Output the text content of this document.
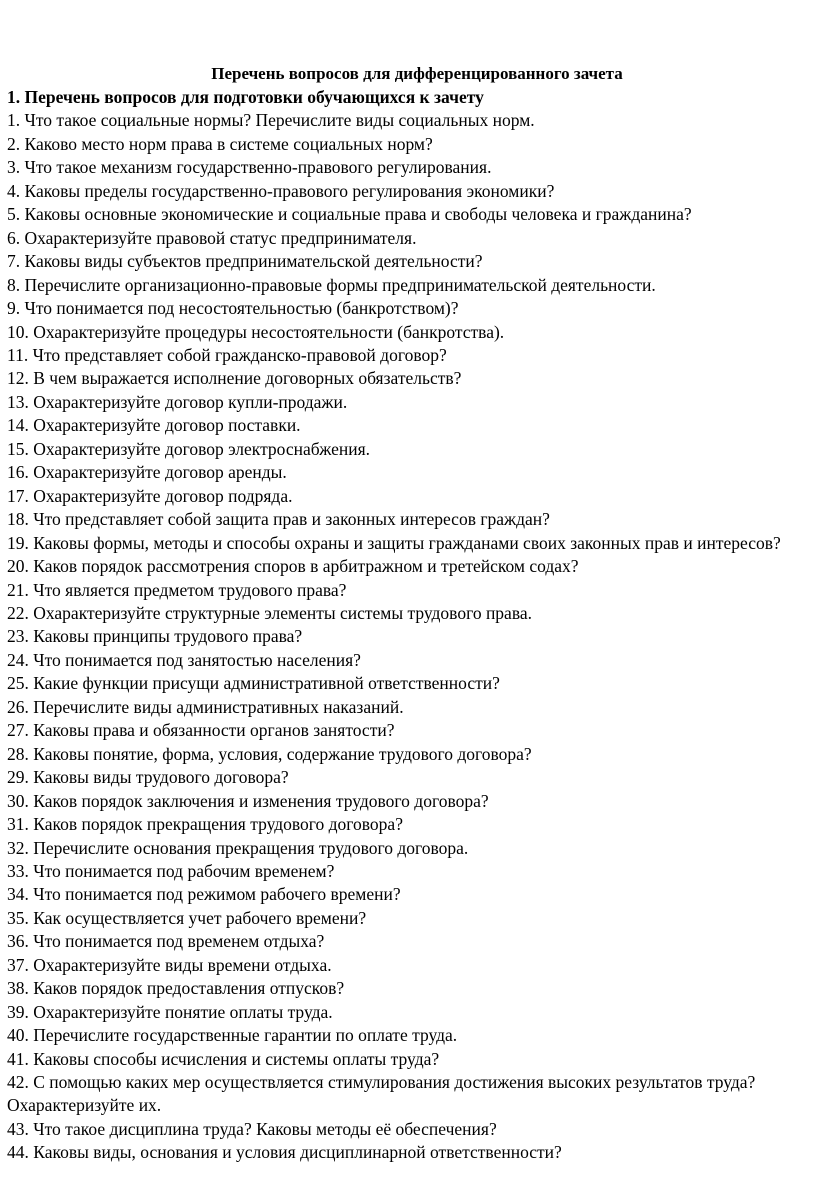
Перечень вопросов для дифференцированного зачета
1. Перечень вопросов для подготовки обучающихся к зачету
1. Что такое социальные нормы? Перечислите виды социальных норм.
2. Каково место норм права в системе социальных норм?
3. Что такое механизм государственно-правового регулирования.
4. Каковы пределы государственно-правового регулирования экономики?
5. Каковы основные экономические и социальные права и свободы человека и гражданина?
6. Охарактеризуйте правовой статус предпринимателя.
7. Каковы виды субъектов предпринимательской деятельности?
8. Перечислите организационно-правовые формы предпринимательской деятельности.
9. Что понимается под несостоятельностью (банкротством)?
10. Охарактеризуйте процедуры несостоятельности (банкротства).
11. Что представляет собой гражданско-правовой договор?
12. В чем выражается исполнение договорных обязательств?
13. Охарактеризуйте договор купли-продажи.
14. Охарактеризуйте договор поставки.
15. Охарактеризуйте договор электроснабжения.
16. Охарактеризуйте договор аренды.
17. Охарактеризуйте договор подряда.
18. Что представляет собой защита прав и законных интересов граждан?
19. Каковы формы, методы и способы охраны и защиты гражданами своих законных прав и интересов?
20. Каков порядок рассмотрения споров в арбитражном и третейском содах?
21. Что является предметом трудового права?
22. Охарактеризуйте структурные элементы системы трудового права.
23. Каковы принципы трудового права?
24. Что понимается под занятостью населения?
25. Какие функции присущи административной ответственности?
26. Перечислите виды административных наказаний.
27. Каковы права и обязанности органов занятости?
28. Каковы понятие, форма, условия, содержание трудового договора?
29. Каковы виды трудового договора?
30. Каков порядок заключения и изменения трудового договора?
31. Каков порядок прекращения трудового договора?
32. Перечислите основания прекращения трудового договора.
33. Что понимается под рабочим временем?
34. Что понимается под режимом рабочего времени?
35. Как осуществляется учет рабочего времени?
36. Что понимается под временем отдыха?
37. Охарактеризуйте виды времени отдыха.
38. Каков порядок предоставления отпусков?
39. Охарактеризуйте понятие оплаты труда.
40. Перечислите государственные гарантии по оплате труда.
41. Каковы способы исчисления и системы оплаты труда?
42. С помощью каких мер осуществляется стимулирования достижения высоких результатов труда?
Охарактеризуйте их.
43. Что такое дисциплина труда? Каковы методы её обеспечения?
44. Каковы виды, основания и условия дисциплинарной ответственности?
